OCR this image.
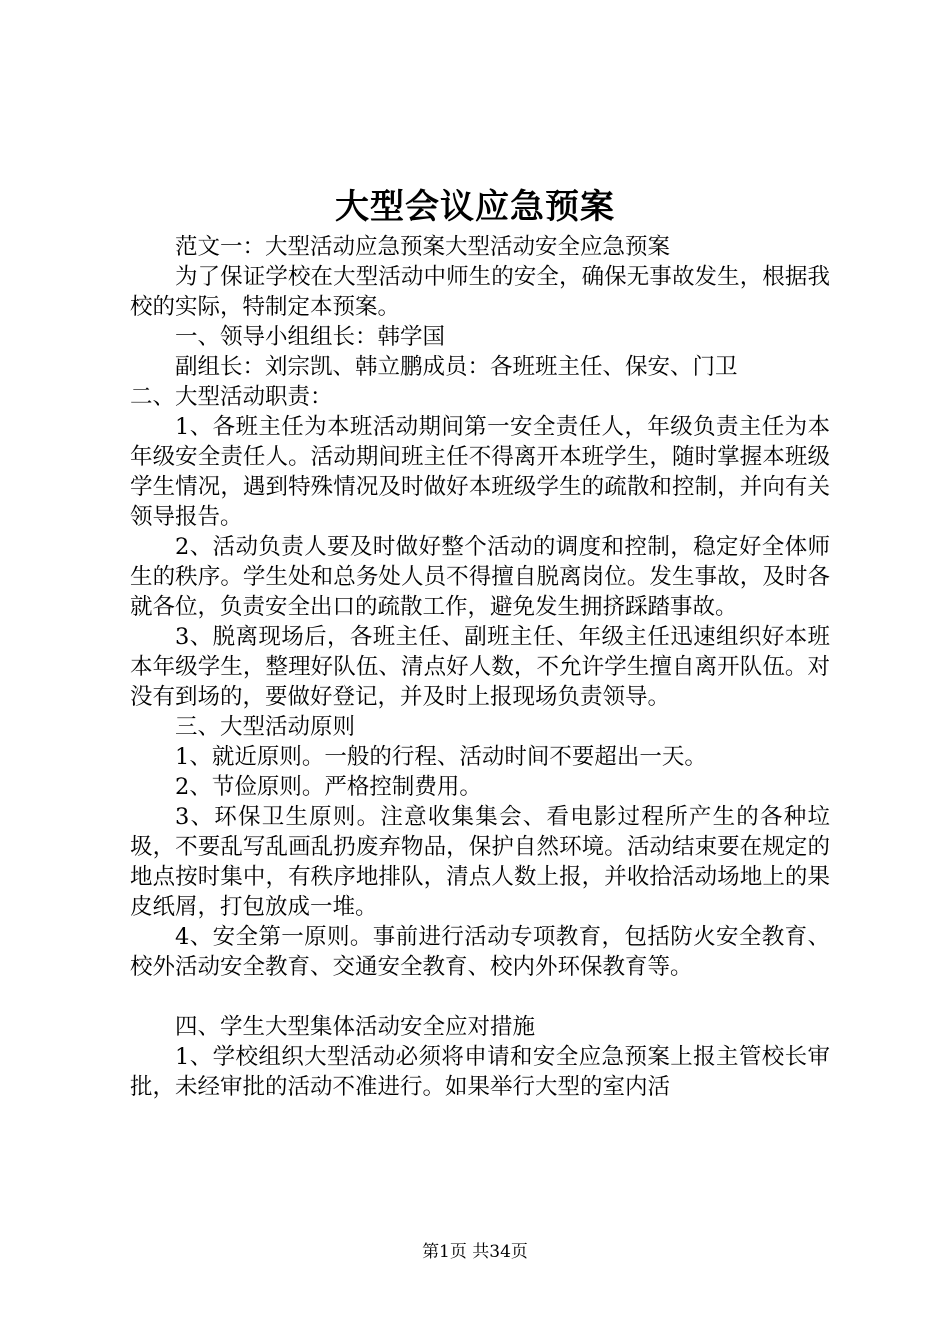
大型会议应急预案

范文一：大型活动应急预案大型活动安全应急预案

为了保证学校在大型活动中师生的安全，确保无事故发生，根据我校的实际，特制定本预案。

一、领导小组组长：韩学国

副组长：刘宗凯、韩立鹏成员：各班班主任、保安、门卫

二、大型活动职责：

1、各班主任为本班活动期间第一安全责任人，年级负责主任为本年级安全责任人。活动期间班主任不得离开本班学生，随时掌握本班级学生情况，遇到特殊情况及时做好本班级学生的疏散和控制，并向有关领导报告。

2、活动负责人要及时做好整个活动的调度和控制，稳定好全体师生的秩序。学生处和总务处人员不得擅自脱离岗位。发生事故，及时各就各位，负责安全出口的疏散工作，避免发生拥挤踩踏事故。

3、脱离现场后，各班主任、副班主任、年级主任迅速组织好本班本年级学生，整理好队伍、清点好人数，不允许学生擅自离开队伍。对没有到场的，要做好登记，并及时上报现场负责领导。

三、大型活动原则

1、就近原则。一般的行程、活动时间不要超出一天。

2、节俭原则。严格控制费用。

3、环保卫生原则。注意收集集会、看电影过程所产生的各种垃圾，不要乱写乱画乱扔废弃物品，保护自然环境。活动结束要在规定的地点按时集中，有秩序地排队，清点人数上报，并收拾活动场地上的果皮纸屑，打包放成一堆。

4、安全第一原则。事前进行活动专项教育，包括防火安全教育、校外活动安全教育、交通安全教育、校内外环保教育等。

四、学生大型集体活动安全应对措施

1、学校组织大型活动必须将申请和安全应急预案上报主管校长审批，未经审批的活动不准进行。如果举行大型的室内活

第1页 共34页
